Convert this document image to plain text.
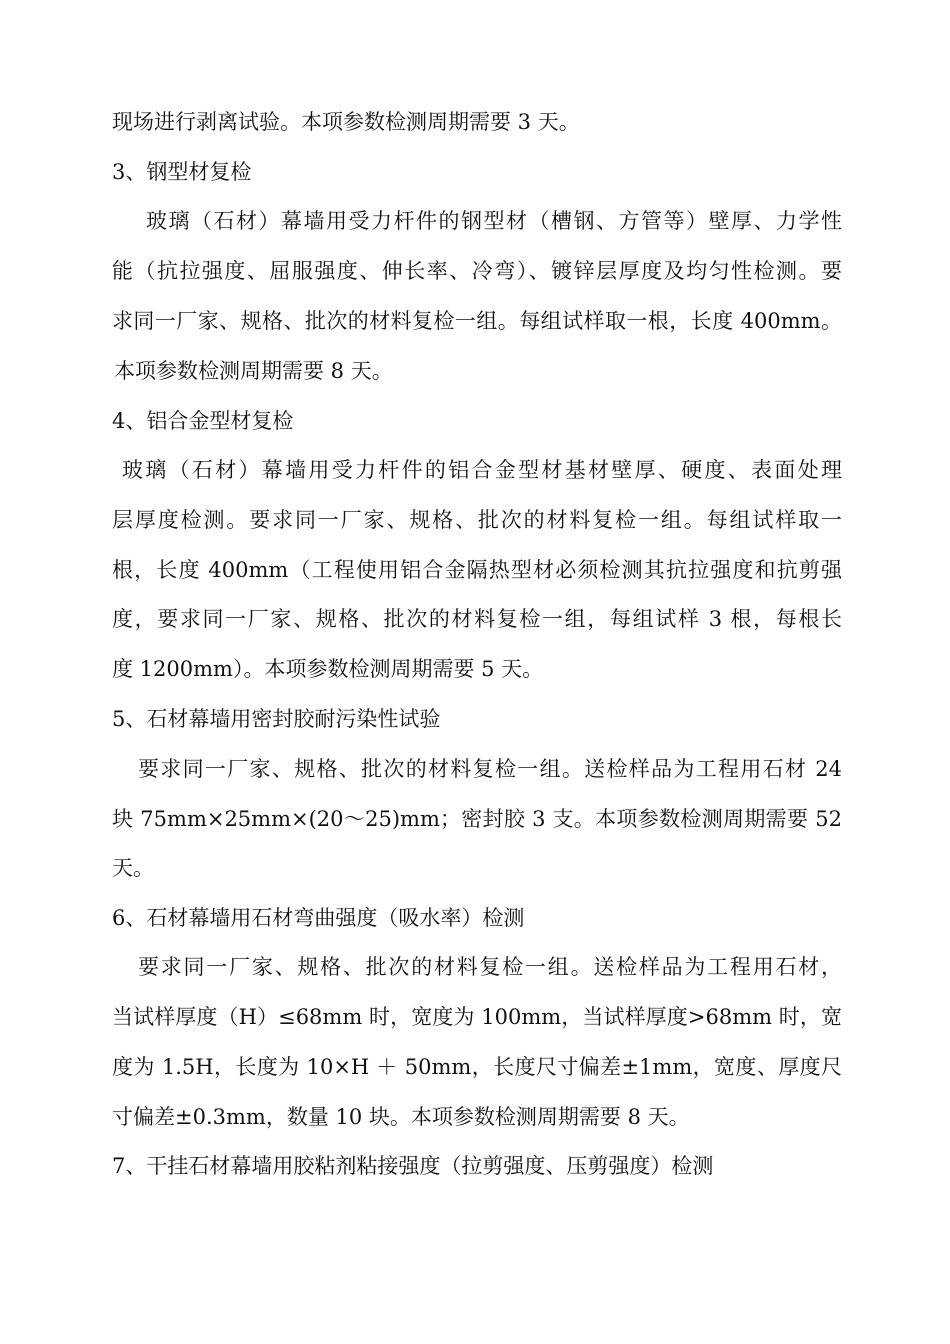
现场进行剥离试验。本项参数检测周期需要 3 天。
3、钢型材复检
玻璃（石材）幕墙用受力杆件的钢型材（槽钢、方管等）壁厚、力学性
能（抗拉强度、屈服强度、伸长率、冷弯）、镀锌层厚度及均匀性检测。要
求同一厂家、规格、批次的材料复检一组。每组试样取一根，长度 400mm。
本项参数检测周期需要 8 天。
4、铝合金型材复检
玻璃（石材）幕墙用受力杆件的铝合金型材基材壁厚、硬度、表面处理
层厚度检测。要求同一厂家、规格、批次的材料复检一组。每组试样取一
根，长度 400mm（工程使用铝合金隔热型材必须检测其抗拉强度和抗剪强
度，要求同一厂家、规格、批次的材料复检一组，每组试样 3 根，每根长
度 1200mm）。本项参数检测周期需要 5 天。
5、石材幕墙用密封胶耐污染性试验
要求同一厂家、规格、批次的材料复检一组。送检样品为工程用石材 24
块 75mm×25mm×(20～25)mm；密封胶 3 支。本项参数检测周期需要 52
天。
6、石材幕墙用石材弯曲强度（吸水率）检测
要求同一厂家、规格、批次的材料复检一组。送检样品为工程用石材，
当试样厚度（H）≤68mm 时，宽度为 100mm，当试样厚度>68mm 时，宽
度为 1.5H，长度为 10×H ＋ 50mm，长度尺寸偏差±1mm，宽度、厚度尺
寸偏差±0.3mm，数量 10 块。本项参数检测周期需要 8 天。
7、干挂石材幕墙用胶粘剂粘接强度（拉剪强度、压剪强度）检测
